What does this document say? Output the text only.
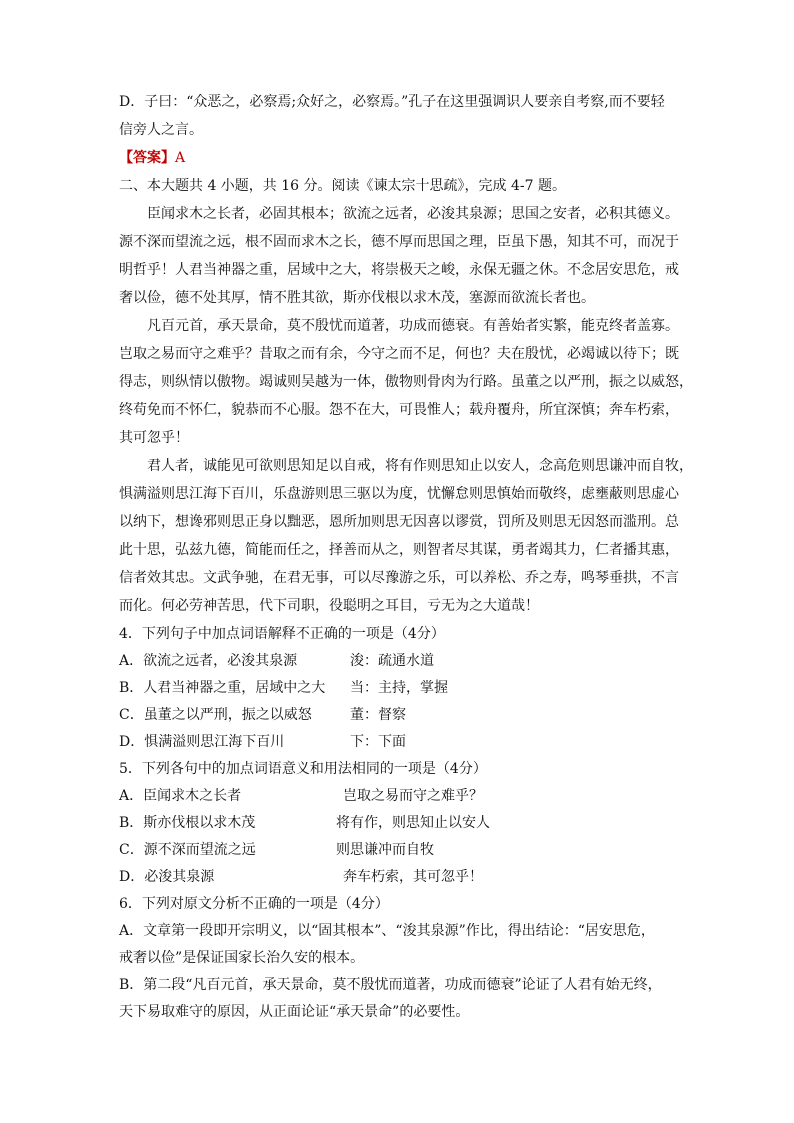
D．子曰：“众恶之，必察焉;众好之，必察焉。”孔子在这里强调识人要亲自考察,而不要轻
信旁人之言。
【答案】A
二、本大题共 4 小题，共 16 分。阅读《谏太宗十思疏》，完成 4-7 题。
臣闻求木之长者，必固其根本；欲流之远者，必浚其泉源；思国之安者，必积其德义。
源不深而望流之远，根不固而求木之长，德不厚而思国之理，臣虽下愚，知其不可，而况于
明哲乎！人君当神器之重，居域中之大，将崇极天之峻，永保无疆之休。不念居安思危，戒
奢以俭，德不处其厚，情不胜其欲，斯亦伐根以求木茂，塞源而欲流长者也。
凡百元首，承天景命，莫不殷忧而道著，功成而德衰。有善始者实繁，能克终者盖寡。
岂取之易而守之难乎？昔取之而有余，今守之而不足，何也？夫在殷忧，必竭诚以待下；既
得志，则纵情以傲物。竭诚则吴越为一体，傲物则骨肉为行路。虽董之以严刑，振之以威怒，
终苟免而不怀仁，貌恭而不心服。怨不在大，可畏惟人；载舟覆舟，所宜深慎；奔车朽索，
其可忽乎！
君人者，诚能见可欲则思知足以自戒，将有作则思知止以安人，念高危则思谦冲而自牧，
惧满溢则思江海下百川，乐盘游则思三驱以为度，忧懈怠则思慎始而敬终，虑壅蔽则思虚心
以纳下，想谗邪则思正身以黜恶，恩所加则思无因喜以谬赏，罚所及则思无因怒而滥刑。总
此十思，弘兹九德，简能而任之，择善而从之，则智者尽其谋，勇者竭其力，仁者播其惠，
信者效其忠。文武争驰，在君无事，可以尽豫游之乐，可以养松、乔之寿，鸣琴垂拱，不言
而化。何必劳神苦思，代下司职，役聪明之耳目，亏无为之大道哉！
4．下列句子中加点词语解释不正确的一项是（4分）
A．欲流之远者，必浚其泉源	浚：疏通水道
B．人君当神器之重，居域中之大 当：主持，掌握
C．虽董之以严刑，振之以威怒	董：督察
D．惧满溢则思江海下百川	下：下面
5．下列各句中的加点词语意义和用法相同的一项是（4分）
A．臣闻求木之长者	岂取之易而守之难乎？
B．斯亦伐根以求木茂	将有作，则思知止以安人
C．源不深而望流之远	则思谦冲而自牧
D．必浚其泉源	奔车朽索，其可忽乎！
6．下列对原文分析不正确的一项是（4分）
A．文章第一段即开宗明义，以“固其根本”、“浚其泉源”作比，得出结论：“居安思危，
戒奢以俭”是保证国家长治久安的根本。
B．第二段“凡百元首，承天景命，莫不殷忧而道著，功成而德衰”论证了人君有始无终，
天下易取难守的原因，从正面论证“承天景命”的必要性。
